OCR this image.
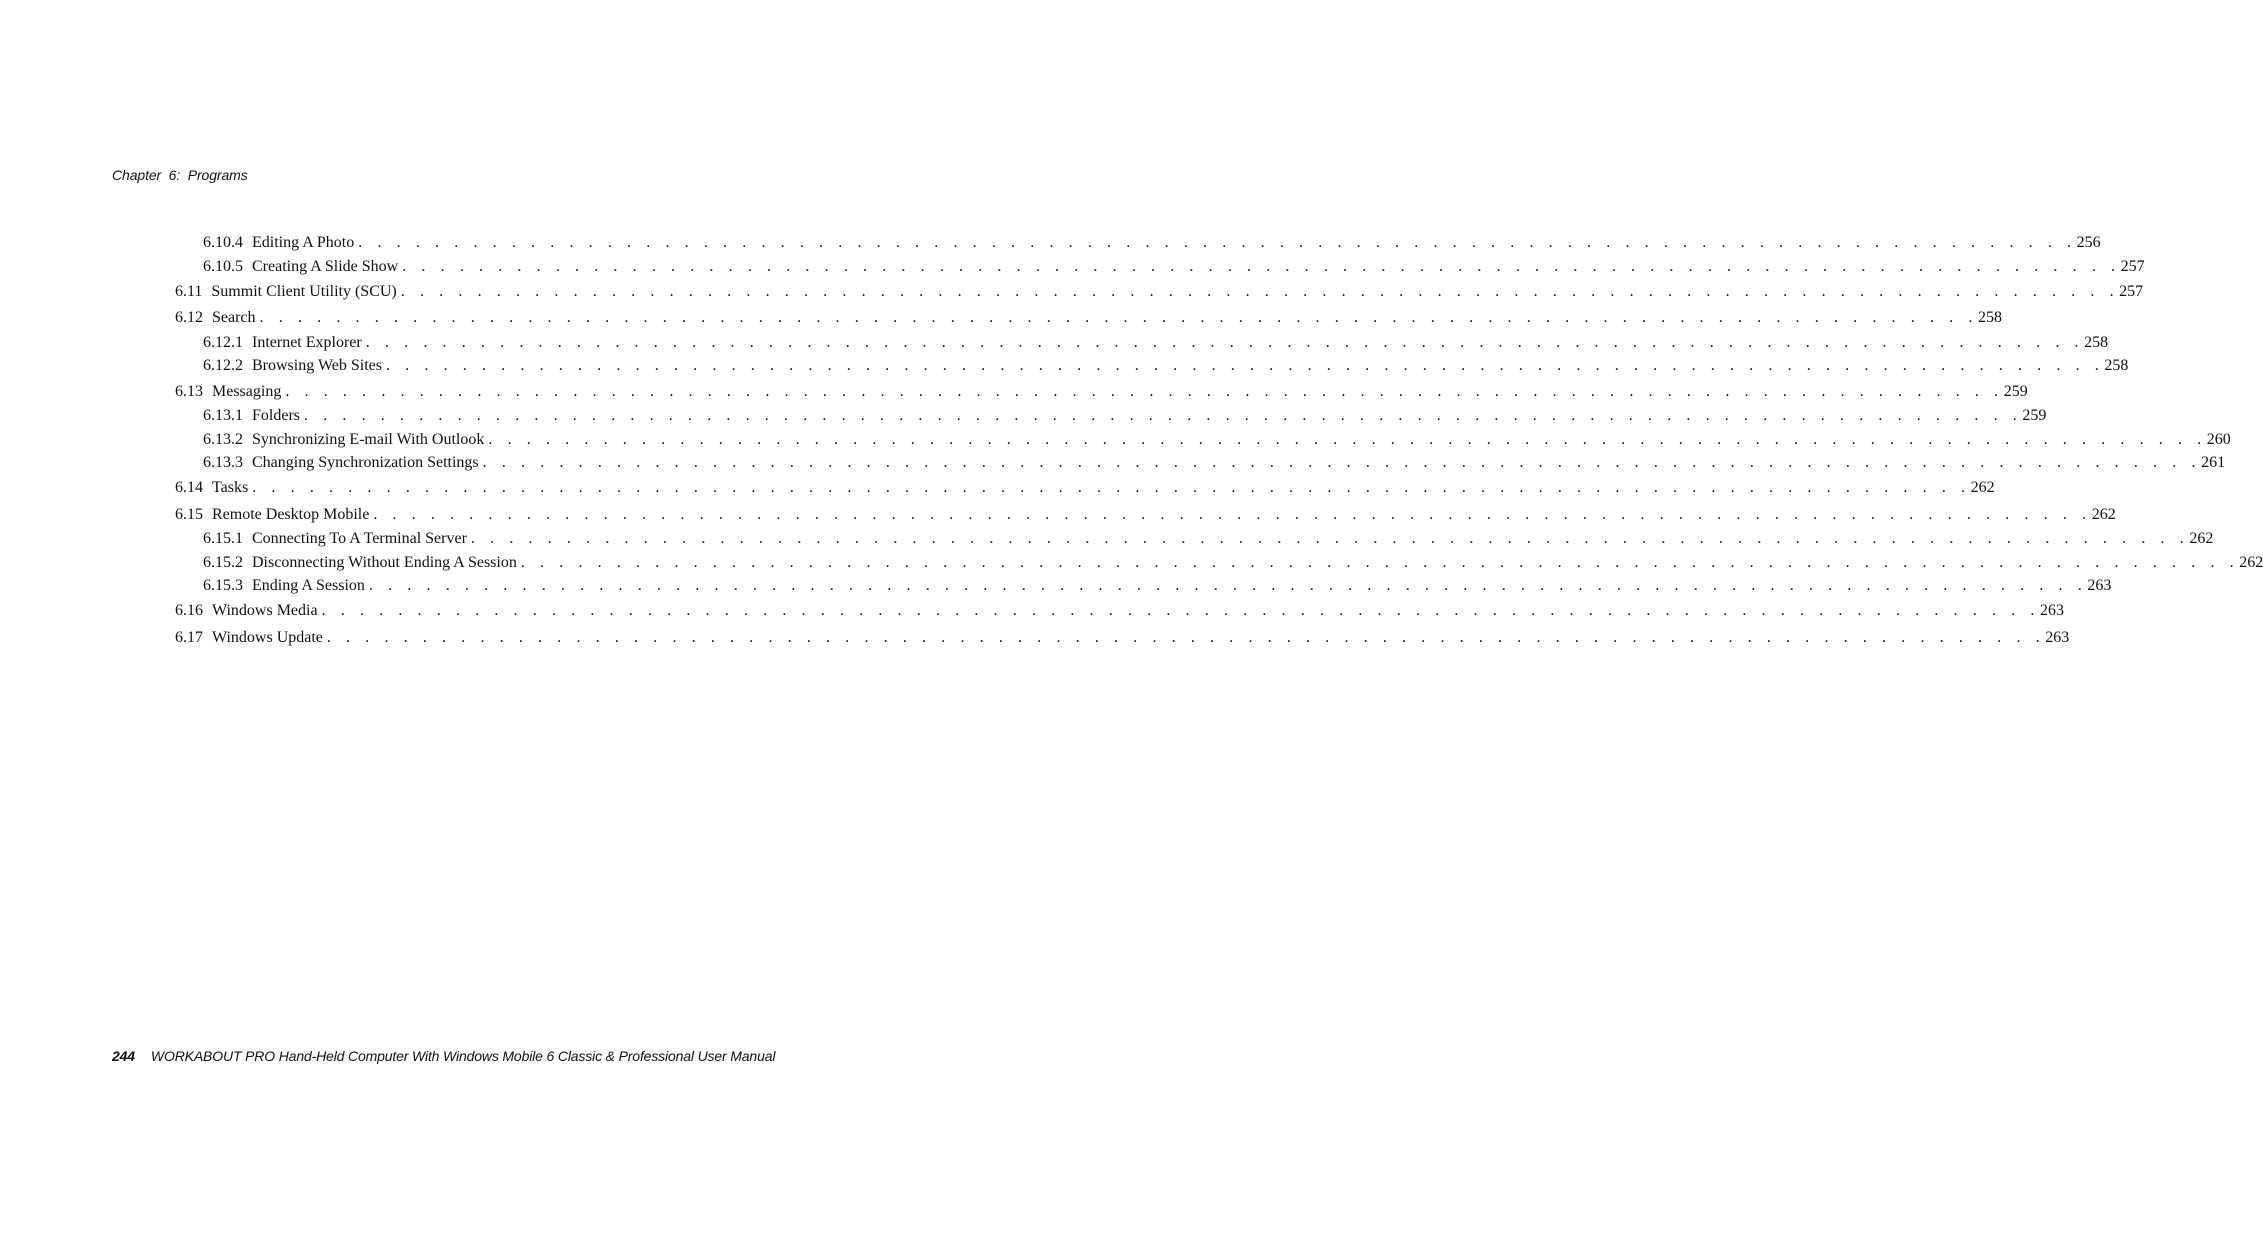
Chapter  6:  Programs
6.10.4 Editing A Photo . . . . . . . . . . . . . . . . . . . . . . . . . . . . . . . . . . . . . . . . . . . . . . . . . . . . . . . . . . . . . . . . . . . . . . . . . . . . . . . . . . . . . . . . . . 256
6.10.5 Creating A Slide Show . . . . . . . . . . . . . . . . . . . . . . . . . . . . . . . . . . . . . . . . . . . . . . . . . . . . . . . . . . . . . . . . . . . . . . . . . . . . . . . . . . . . . . . . . . 257
6.11 Summit Client Utility (SCU) . . . . . . . . . . . . . . . . . . . . . . . . . . . . . . . . . . . . . . . . . . . . . . . . . . . . . . . . . . . . . . . . . . . . . . . . . . . . . . . . . . . . . . . . . . 257
6.12 Search . . . . . . . . . . . . . . . . . . . . . . . . . . . . . . . . . . . . . . . . . . . . . . . . . . . . . . . . . . . . . . . . . . . . . . . . . . . . . . . . . . . . . . . . . . 258
6.12.1 Internet Explorer . . . . . . . . . . . . . . . . . . . . . . . . . . . . . . . . . . . . . . . . . . . . . . . . . . . . . . . . . . . . . . . . . . . . . . . . . . . . . . . . . . . . . . . . . . 258
6.12.2 Browsing Web Sites . . . . . . . . . . . . . . . . . . . . . . . . . . . . . . . . . . . . . . . . . . . . . . . . . . . . . . . . . . . . . . . . . . . . . . . . . . . . . . . . . . . . . . . . . . 258
6.13 Messaging . . . . . . . . . . . . . . . . . . . . . . . . . . . . . . . . . . . . . . . . . . . . . . . . . . . . . . . . . . . . . . . . . . . . . . . . . . . . . . . . . . . . . . . . . . 259
6.13.1 Folders . . . . . . . . . . . . . . . . . . . . . . . . . . . . . . . . . . . . . . . . . . . . . . . . . . . . . . . . . . . . . . . . . . . . . . . . . . . . . . . . . . . . . . . . . . 259
6.13.2 Synchronizing E-mail With Outlook . . . . . . . . . . . . . . . . . . . . . . . . . . . . . . . . . . . . . . . . . . . . . . . . . . . . . . . . . . . . . . . . . . . . . . . . . . . . . . . . . . . . . . . . . . 260
6.13.3 Changing Synchronization Settings . . . . . . . . . . . . . . . . . . . . . . . . . . . . . . . . . . . . . . . . . . . . . . . . . . . . . . . . . . . . . . . . . . . . . . . . . . . . . . . . . . . . . . . . . . 261
6.14 Tasks . . . . . . . . . . . . . . . . . . . . . . . . . . . . . . . . . . . . . . . . . . . . . . . . . . . . . . . . . . . . . . . . . . . . . . . . . . . . . . . . . . . . . . . . . . 262
6.15 Remote Desktop Mobile . . . . . . . . . . . . . . . . . . . . . . . . . . . . . . . . . . . . . . . . . . . . . . . . . . . . . . . . . . . . . . . . . . . . . . . . . . . . . . . . . . . . . . . . . . 262
6.15.1 Connecting To A Terminal Server . . . . . . . . . . . . . . . . . . . . . . . . . . . . . . . . . . . . . . . . . . . . . . . . . . . . . . . . . . . . . . . . . . . . . . . . . . . . . . . . . . . . . . . . . . 262
6.15.2 Disconnecting Without Ending A Session . . . . . . . . . . . . . . . . . . . . . . . . . . . . . . . . . . . . . . . . . . . . . . . . . . . . . . . . . . . . . . . . . . . . . . . . . . . . . . . . . . . . . . . . . . 262
6.15.3 Ending A Session . . . . . . . . . . . . . . . . . . . . . . . . . . . . . . . . . . . . . . . . . . . . . . . . . . . . . . . . . . . . . . . . . . . . . . . . . . . . . . . . . . . . . . . . . . 263
6.16 Windows Media . . . . . . . . . . . . . . . . . . . . . . . . . . . . . . . . . . . . . . . . . . . . . . . . . . . . . . . . . . . . . . . . . . . . . . . . . . . . . . . . . . . . . . . . . . 263
6.17 Windows Update . . . . . . . . . . . . . . . . . . . . . . . . . . . . . . . . . . . . . . . . . . . . . . . . . . . . . . . . . . . . . . . . . . . . . . . . . . . . . . . . . . . . . . . . . . 263
244 WORKABOUT PRO Hand-Held Computer With Windows Mobile 6 Classic & Professional User Manual
